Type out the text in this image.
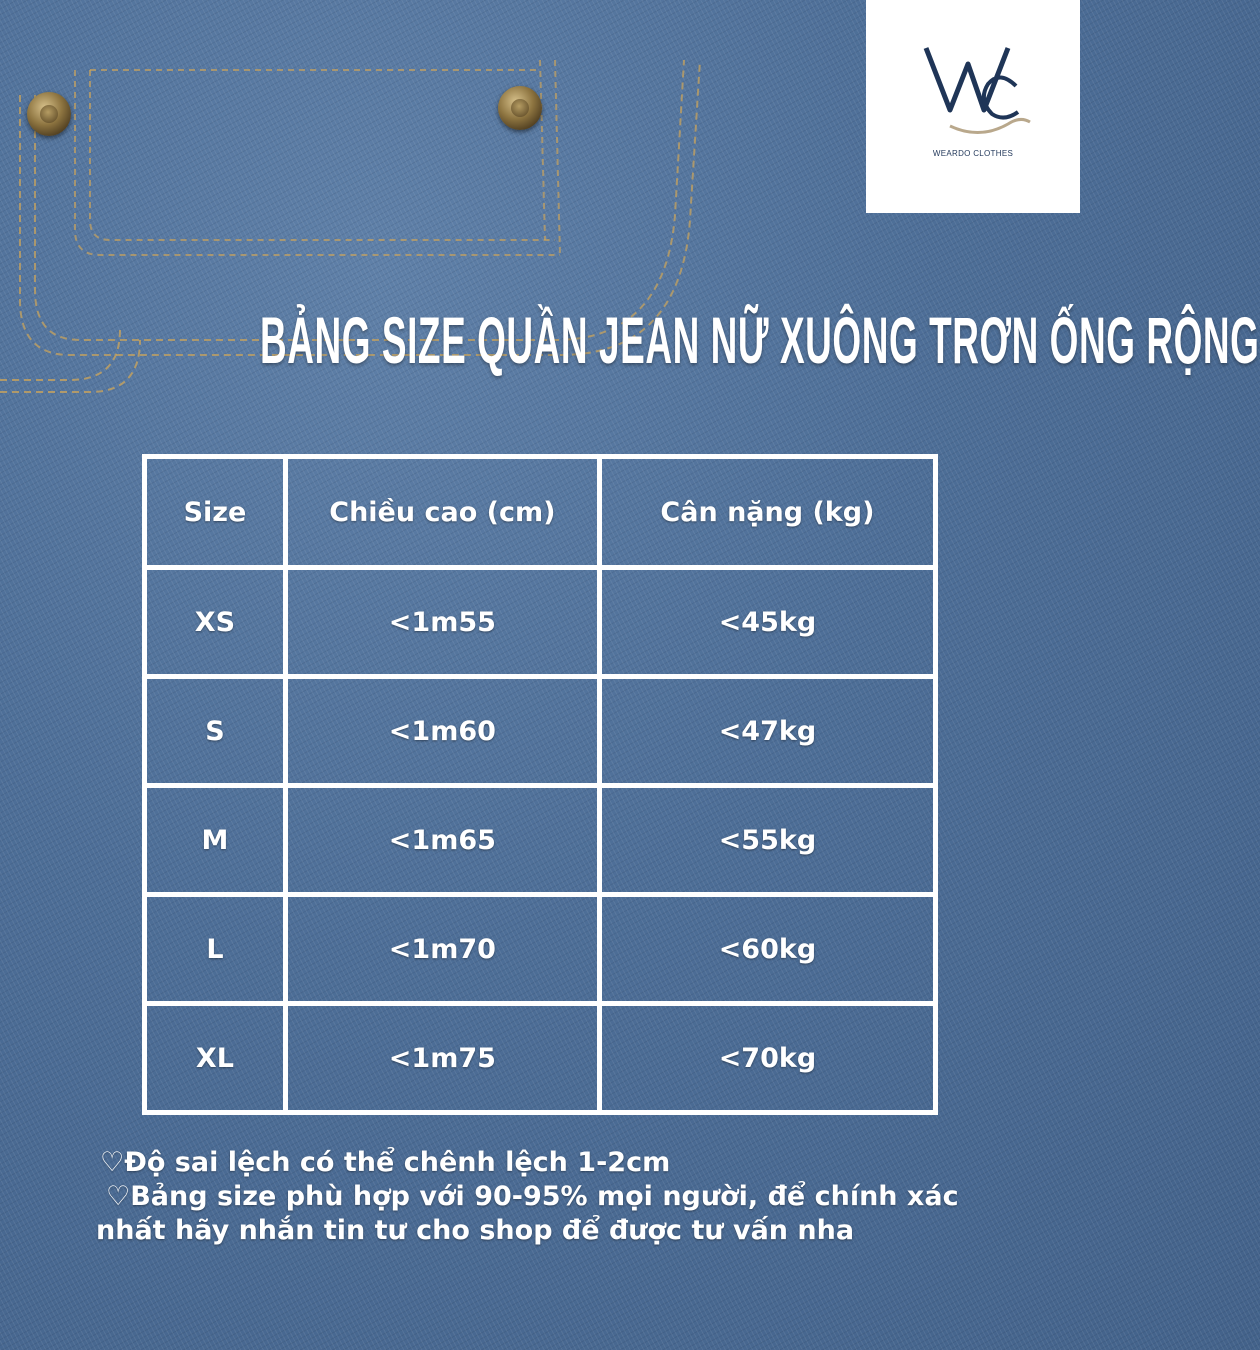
WEARDO CLOTHES
BẢNG SIZE QUẦN JEAN NỮ XUÔNG TRƠN ỐNG RỘNG
Size	Chiều cao (cm)	Cân nặng (kg)
XS	<1m55	<45kg
S	<1m60	<47kg
M	<1m65	<55kg
L	<1m70	<60kg
XL	<1m75	<70kg
♡Độ sai lệch có thể chênh lệch 1-2cm
♡Bảng size phù hợp với 90-95% mọi người, để chính xác
nhất hãy nhắn tin tư cho shop để được tư vấn nha
